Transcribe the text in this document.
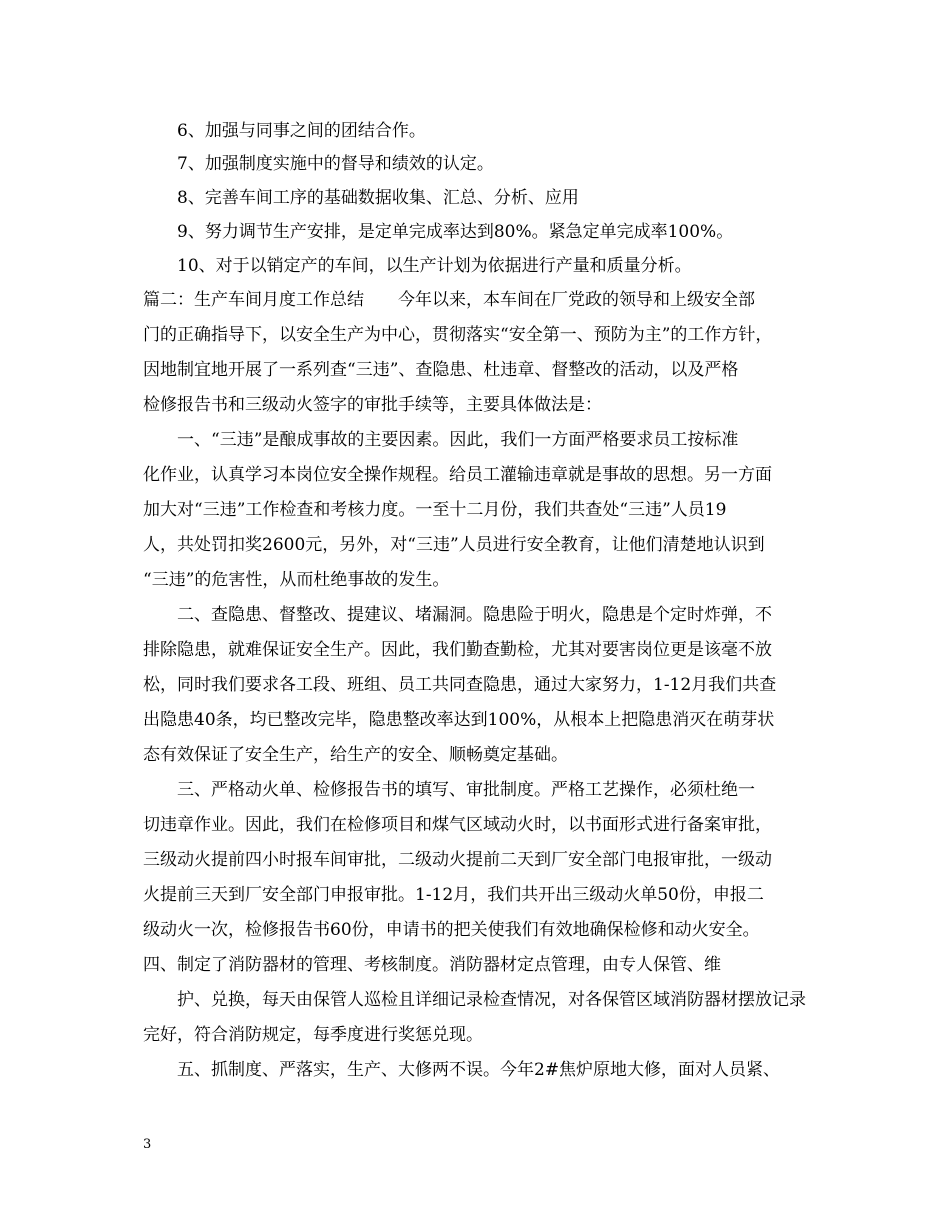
6、加强与同事之间的团结合作。
7、加强制度实施中的督导和绩效的认定。
8、完善车间工序的基础数据收集、汇总、分析、应用
9、努力调节生产安排，是定单完成率达到80%。紧急定单完成率100%。
10、对于以销定产的车间，以生产计划为依据进行产量和质量分析。
篇二：生产车间月度工作总结　　今年以来，本车间在厂党政的领导和上级安全部
门的正确指导下，以安全生产为中心，贯彻落实“安全第一、预防为主”的工作方针，
因地制宜地开展了一系列查“三违”、查隐患、杜违章、督整改的活动，以及严格
检修报告书和三级动火签字的审批手续等，主要具体做法是：
一、“三违”是酿成事故的主要因素。因此，我们一方面严格要求员工按标准
化作业，认真学习本岗位安全操作规程。给员工灌输违章就是事故的思想。另一方面
加大对“三违”工作检查和考核力度。一至十二月份，我们共查处“三违”人员19
人，共处罚扣奖2600元，另外，对“三违”人员进行安全教育，让他们清楚地认识到
“三违”的危害性，从而杜绝事故的发生。
二、查隐患、督整改、提建议、堵漏洞。隐患险于明火，隐患是个定时炸弹，不
排除隐患，就难保证安全生产。因此，我们勤查勤检，尤其对要害岗位更是该毫不放
松，同时我们要求各工段、班组、员工共同查隐患，通过大家努力，1-12月我们共查
出隐患40条，均已整改完毕，隐患整改率达到100%，从根本上把隐患消灭在萌芽状
态有效保证了安全生产，给生产的安全、顺畅奠定基础。
三、严格动火单、检修报告书的填写、审批制度。严格工艺操作，必须杜绝一
切违章作业。因此，我们在检修项目和煤气区域动火时，以书面形式进行备案审批，
三级动火提前四小时报车间审批，二级动火提前二天到厂安全部门电报审批，一级动
火提前三天到厂安全部门申报审批。1-12月，我们共开出三级动火单50份，申报二
级动火一次，检修报告书60份，申请书的把关使我们有效地确保检修和动火安全。
四、制定了消防器材的管理、考核制度。消防器材定点管理，由专人保管、维
护、兑换，每天由保管人巡检且详细记录检查情况，对各保管区域消防器材摆放记录
完好，符合消防规定，每季度进行奖惩兑现。
五、抓制度、严落实，生产、大修两不误。今年2#焦炉原地大修，面对人员紧、
3
